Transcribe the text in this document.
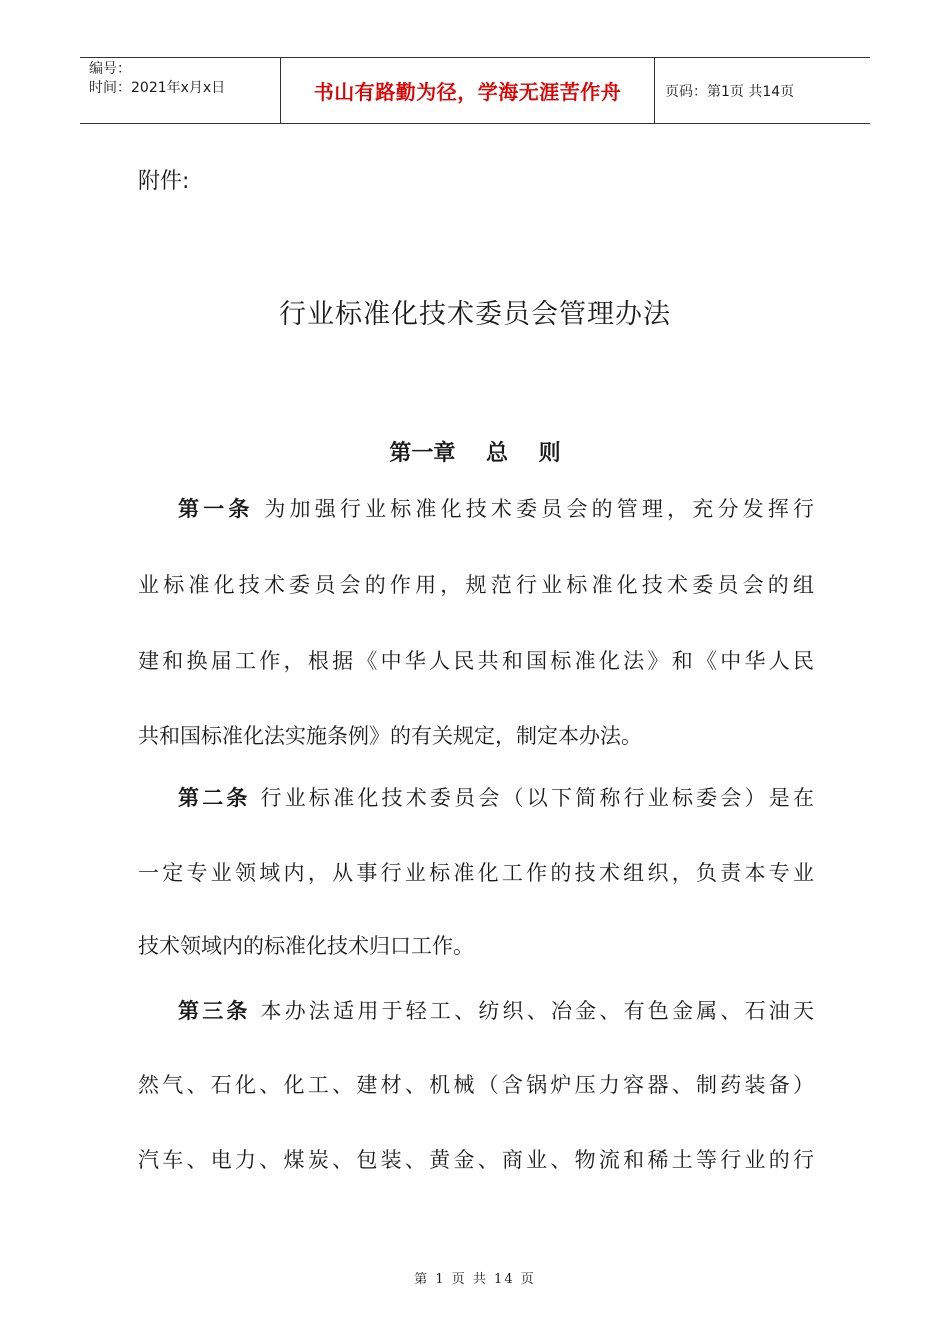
编号：
时间：2021年x月x日	书山有路勤为径，学海无涯苦作舟	页码：第1页 共14页
附件:
行业标准化技术委员会管理办法
第一章    总    则
第一条 为加强行业标准化技术委员会的管理，充分发挥行
业标准化技术委员会的作用，规范行业标准化技术委员会的组
建和换届工作，根据《中华人民共和国标准化法》和《中华人民
共和国标准化法实施条例》的有关规定，制定本办法。
第二条 行业标准化技术委员会（以下简称行业标委会）是在
一定专业领域内，从事行业标准化工作的技术组织，负责本专业
技术领域内的标准化技术归口工作。
第三条 本办法适用于轻工、纺织、冶金、有色金属、石油天
然气、石化、化工、建材、机械（含锅炉压力容器、制药装备）
汽车、电力、煤炭、包装、黄金、商业、物流和稀土等行业的行
第 1 页 共 14 页
